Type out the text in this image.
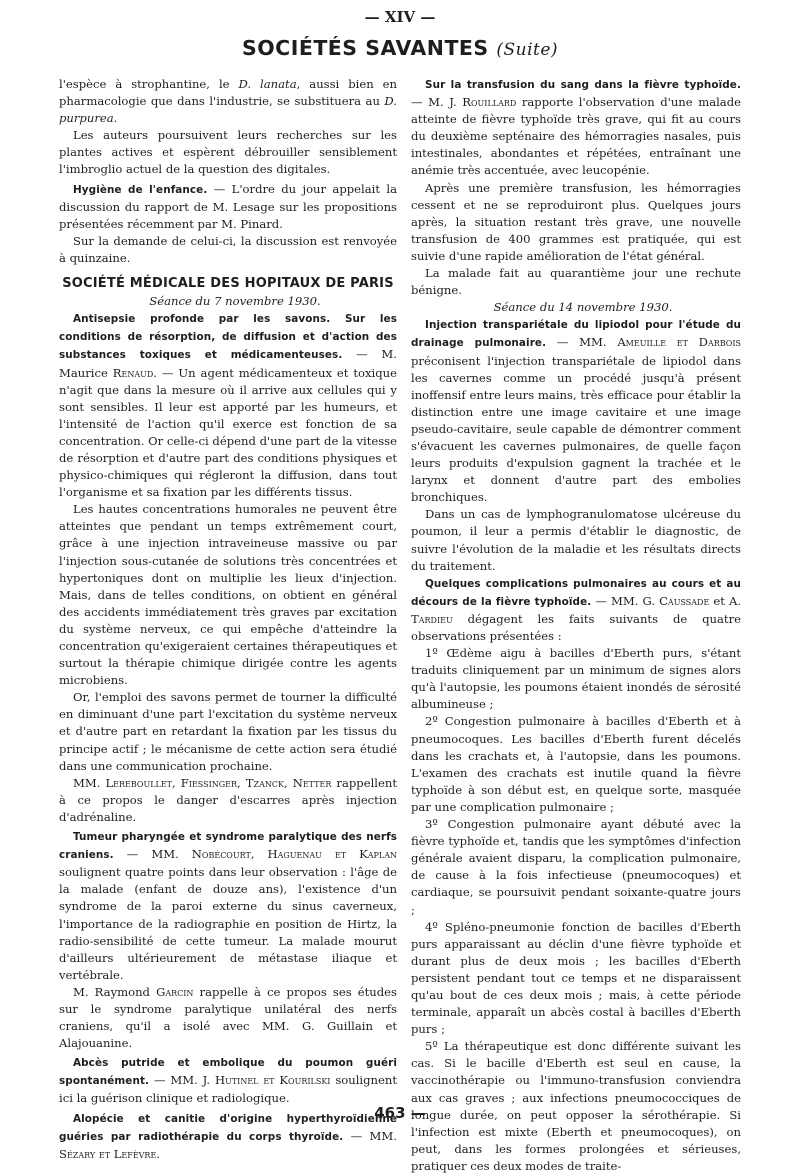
— XIV —
SOCIÉTÉS SAVANTES (Suite)

l'espèce à strophantine, le D. lanata, aussi bien en pharmacologie que dans l'industrie, se substituera au D. purpurea.

Les auteurs poursuivent leurs recherches sur les plantes actives et espèrent débrouiller sensiblement l'imbroglio actuel de la question des digitales.

Hygiène de l'enfance. — L'ordre du jour appelait la discussion du rapport de M. Lesage sur les propositions présentées récemment par M. Pinard.

Sur la demande de celui-ci, la discussion est renvoyée à quinzaine.

SOCIÉTÉ MÉDICALE DES HOPITAUX DE PARIS

Séance du 7 novembre 1930.

Antisepsie profonde par les savons. Sur les conditions de résorption, de diffusion et d'action des substances toxiques et médicamenteuses. — M. Maurice Renaud. — Un agent médicamenteux et toxique n'agit que dans la mesure où il arrive aux cellules qui y sont sensibles. Il leur est apporté par les humeurs, et l'intensité de l'action qu'il exerce est fonction de sa concentration. Or celle-ci dépend d'une part de la vitesse de résorption et d'autre part des conditions physiques et physico-chimiques qui régleront la diffusion, dans tout l'organisme et sa fixation par les différents tissus.

Les hautes concentrations humorales ne peuvent être atteintes que pendant un temps extrêmement court, grâce à une injection intraveineuse massive ou par l'injection sous-cutanée de solutions très concentrées et hypertoniques dont on multiplie les lieux d'injection. Mais, dans de telles conditions, on obtient en général des accidents immédiatement très graves par excitation du système nerveux, ce qui empêche d'atteindre la concentration qu'exigeraient certaines thérapeutiques et surtout la thérapie chimique dirigée contre les agents microbiens.

Or, l'emploi des savons permet de tourner la difficulté en diminuant d'une part l'excitation du système nerveux et d'autre part en retardant la fixation par les tissus du principe actif ; le mécanisme de cette action sera étudié dans une communication prochaine.

MM. Lereboullet, Fiessinger, Tzanck, Netter rappellent à ce propos le danger d'escarres après injection d'adrénaline.

Tumeur pharyngée et syndrome paralytique des nerfs craniens. — MM. Nobécourt, Haguenau et Kaplan soulignent quatre points dans leur observation : l'âge de la malade (enfant de douze ans), l'existence d'un syndrome de la paroi externe du sinus caverneux, l'importance de la radiographie en position de Hirtz, la radio-sensibilité de cette tumeur. La malade mourut d'ailleurs ultérieurement de métastase iliaque et vertébrale.

M. Raymond Garcin rappelle à ce propos ses études sur le syndrome paralytique unilatéral des nerfs craniens, qu'il a isolé avec MM. G. Guillain et Alajouanine.

Abcès putride et embolique du poumon guéri spontanément. — MM. J. Hutinel et Kourilski soulignent ici la guérison clinique et radiologique.

Alopécie et canitie d'origine hyperthyroïdienne guéries par radiothérapie du corps thyroïde. — MM. Sézary et Lefèvre.

Sur la transfusion du sang dans la fièvre typhoïde. — M. J. Rouillard rapporte l'observation d'une malade atteinte de fièvre typhoïde très grave, qui fit au cours du deuxième septénaire des hémorragies nasales, puis intestinales, abondantes et répétées, entraînant une anémie très accentuée, avec leucopénie.

Après une première transfusion, les hémorragies cessent et ne se reproduiront plus. Quelques jours après, la situation restant très grave, une nouvelle transfusion de 400 grammes est pratiquée, qui est suivie d'une rapide amélioration de l'état général.

La malade fait au quarantième jour une rechute bénigne.

Séance du 14 novembre 1930.

Injection transpariétale du lipiodol pour l'étude du drainage pulmonaire. — MM. Ameuille et Darbois préconisent l'injection transpariétale de lipiodol dans les cavernes comme un procédé jusqu'à présent inoffensif entre leurs mains, très efficace pour établir la distinction entre une image cavitaire et une image pseudo-cavitaire, seule capable de démontrer comment s'évacuent les cavernes pulmonaires, de quelle façon leurs produits d'expulsion gagnent la trachée et le larynx et donnent d'autre part des embolies bronchiques.

Dans un cas de lymphogranulomatose ulcéreuse du poumon, il leur a permis d'établir le diagnostic, de suivre l'évolution de la maladie et les résultats directs du traitement.

Quelques complications pulmonaires au cours et au décours de la fièvre typhoïde. — MM. G. Caussade et A. Tardieu dégagent les faits suivants de quatre observations présentées :

1º Œdème aigu à bacilles d'Eberth purs, s'étant traduits cliniquement par un minimum de signes alors qu'à l'autopsie, les poumons étaient inondés de sérosité albumineuse ;

2º Congestion pulmonaire à bacilles d'Eberth et à pneumocoques. Les bacilles d'Eberth furent décelés dans les crachats et, à l'autopsie, dans les poumons. L'examen des crachats est inutile quand la fièvre typhoïde à son début est, en quelque sorte, masquée par une complication pulmonaire ;

3º Congestion pulmonaire ayant débuté avec la fièvre typhoïde et, tandis que les symptômes d'infection générale avaient disparu, la complication pulmonaire, de cause à la fois infectieuse (pneumocoques) et cardiaque, se poursuivit pendant soixante-quatre jours ;

4º Spléno-pneumonie fonction de bacilles d'Eberth purs apparaissant au déclin d'une fièvre typhoïde et durant plus de deux mois ; les bacilles d'Eberth persistent pendant tout ce temps et ne disparaissent qu'au bout de ces deux mois ; mais, à cette période terminale, apparaît un abcès costal à bacilles d'Eberth purs ;

5º La thérapeutique est donc différente suivant les cas. Si le bacille d'Eberth est seul en cause, la vaccinothérapie ou l'immuno-transfusion conviendra aux cas graves ; aux infections pneumococciques de longue durée, on peut opposer la sérothérapie. Si l'infection est mixte (Eberth et pneumocoques), on peut, dans les formes prolongées et sérieuses, pratiquer ces deux modes de traite-

463 —
